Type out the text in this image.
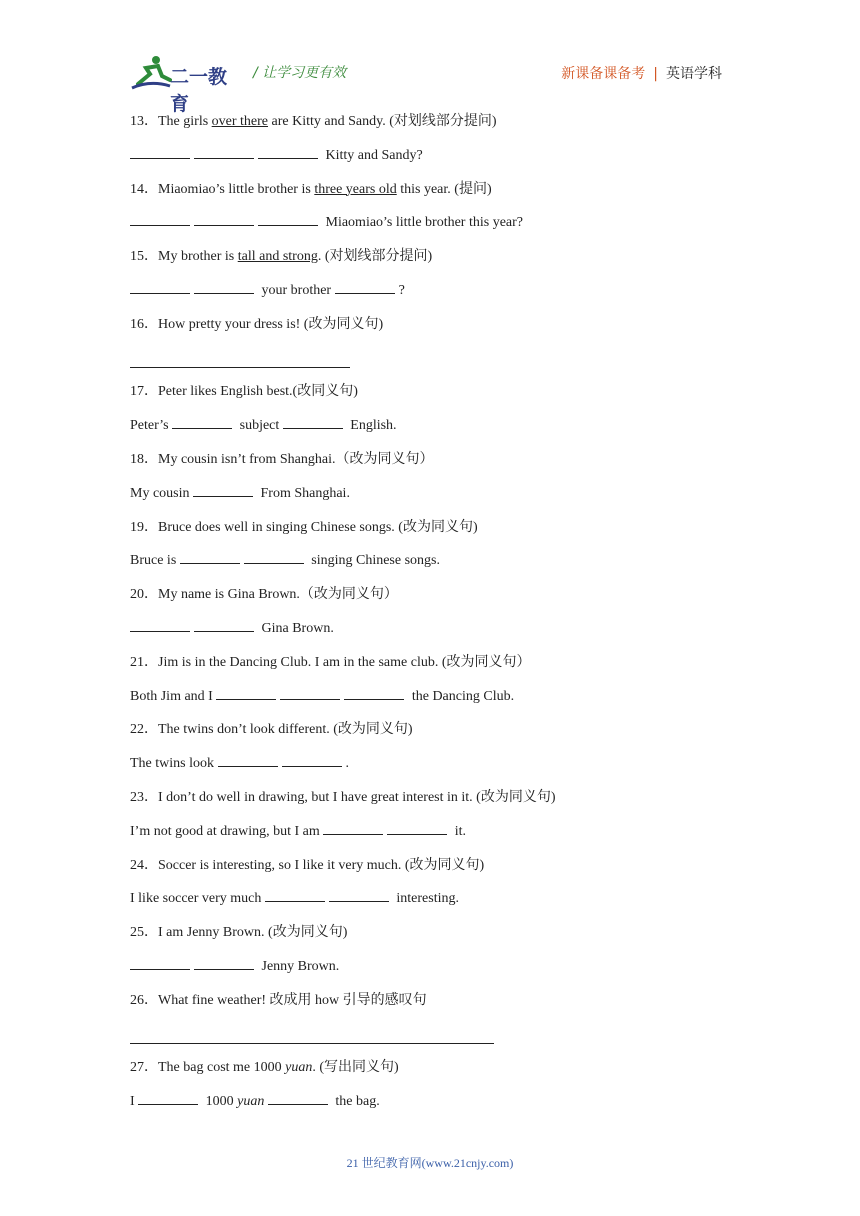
二一教育
/ 让学习更有效	新课备课备考 | 英语学科
13．The girls over there are Kitty and Sandy. (对划线部分提问)
Kitty and Sandy?
14．Miaomiao’s little brother is three years old this year. (提问)
Miaomiao’s little brother this year?
15．My brother is tall and strong. (对划线部分提问)
your brother	?
16．How pretty your dress is! (改为同义句)
17．Peter likes English best.(改同义句)
Peter’s	subject	English.
18．My cousin isn’t from Shanghai.（改为同义句）
My cousin	From Shanghai.
19．Bruce does well in singing Chinese songs. (改为同义句)
Bruce is	singing Chinese songs.
20．My name is Gina Brown.（改为同义句）
Gina Brown.
21．Jim is in the Dancing Club. I am in the same club. (改为同义句）
Both Jim and I	the Dancing Club.
22．The twins don’t look different. (改为同义句)
The twins look	.
23．I don’t do well in drawing, but I have great interest in it. (改为同义句)
I’m not good at drawing, but I am	it.
24．Soccer is interesting, so I like it very much. (改为同义句)
I like soccer very much	interesting.
25．I am Jenny Brown. (改为同义句)
Jenny Brown.
26．What fine weather! 改成用 how 引导的感叹句
27．The bag cost me 1000 yuan. (写出同义句)
I	1000 yuan	the bag.
21 世纪教育网(www.21cnjy.com)
